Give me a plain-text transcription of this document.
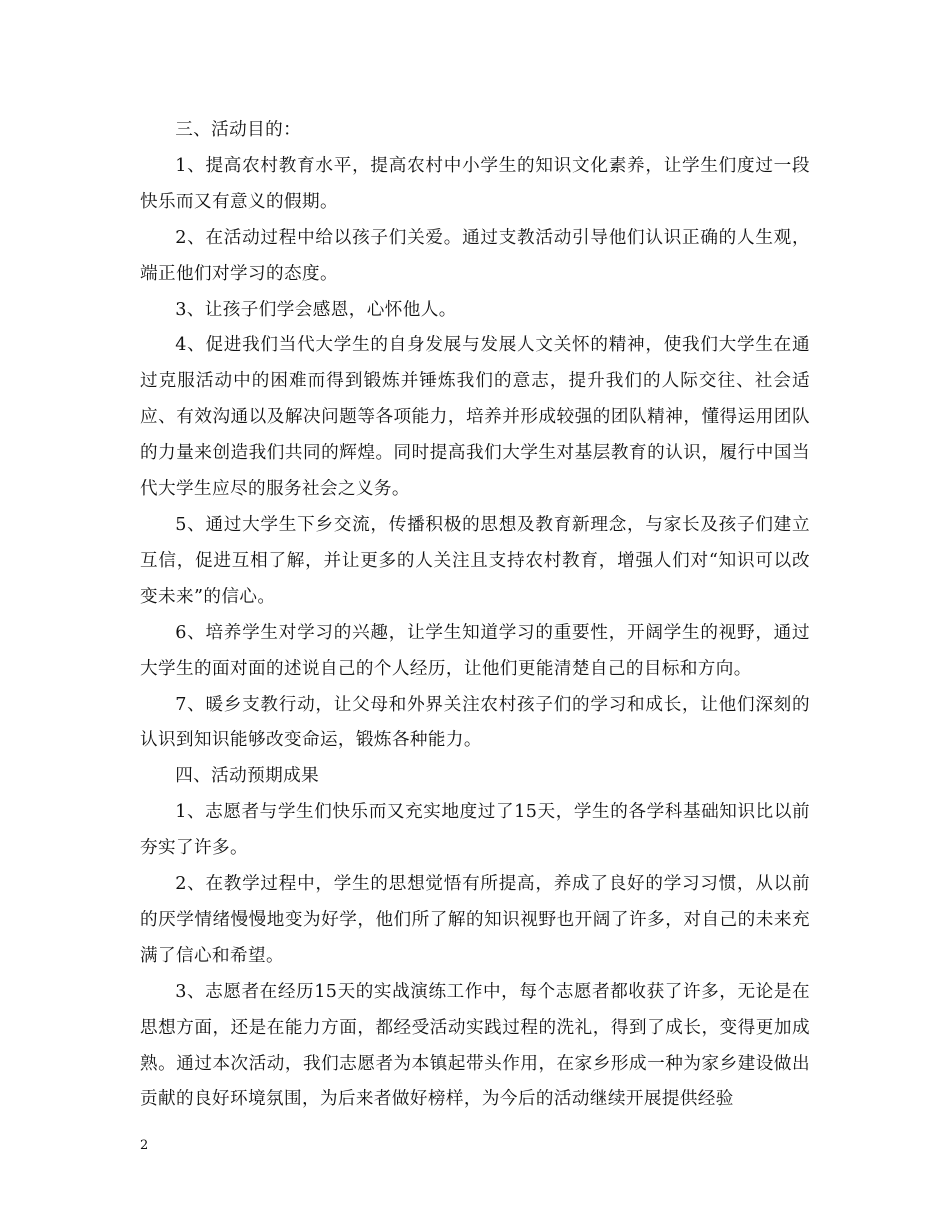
三、活动目的：

1、提高农村教育水平，提高农村中小学生的知识文化素养，让学生们度过一段快乐而又有意义的假期。

2、在活动过程中给以孩子们关爱。通过支教活动引导他们认识正确的人生观，端正他们对学习的态度。

3、让孩子们学会感恩，心怀他人。

4、促进我们当代大学生的自身发展与发展人文关怀的精神，使我们大学生在通过克服活动中的困难而得到锻炼并锤炼我们的意志，提升我们的人际交往、社会适应、有效沟通以及解决问题等各项能力，培养并形成较强的团队精神，懂得运用团队的力量来创造我们共同的辉煌。同时提高我们大学生对基层教育的认识，履行中国当代大学生应尽的服务社会之义务。

5、通过大学生下乡交流，传播积极的思想及教育新理念，与家长及孩子们建立互信，促进互相了解，并让更多的人关注且支持农村教育，增强人们对“知识可以改变未来”的信心。

6、培养学生对学习的兴趣，让学生知道学习的重要性，开阔学生的视野，通过大学生的面对面的述说自己的个人经历，让他们更能清楚自己的目标和方向。

7、暖乡支教行动，让父母和外界关注农村孩子们的学习和成长，让他们深刻的认识到知识能够改变命运，锻炼各种能力。

四、活动预期成果

1、志愿者与学生们快乐而又充实地度过了15天，学生的各学科基础知识比以前夯实了许多。

2、在教学过程中，学生的思想觉悟有所提高，养成了良好的学习习惯，从以前的厌学情绪慢慢地变为好学，他们所了解的知识视野也开阔了许多，对自己的未来充满了信心和希望。

3、志愿者在经历15天的实战演练工作中，每个志愿者都收获了许多，无论是在思想方面，还是在能力方面，都经受活动实践过程的洗礼，得到了成长，变得更加成熟。通过本次活动，我们志愿者为本镇起带头作用，在家乡形成一种为家乡建设做出贡献的良好环境氛围，为后来者做好榜样，为今后的活动继续开展提供经验

2
